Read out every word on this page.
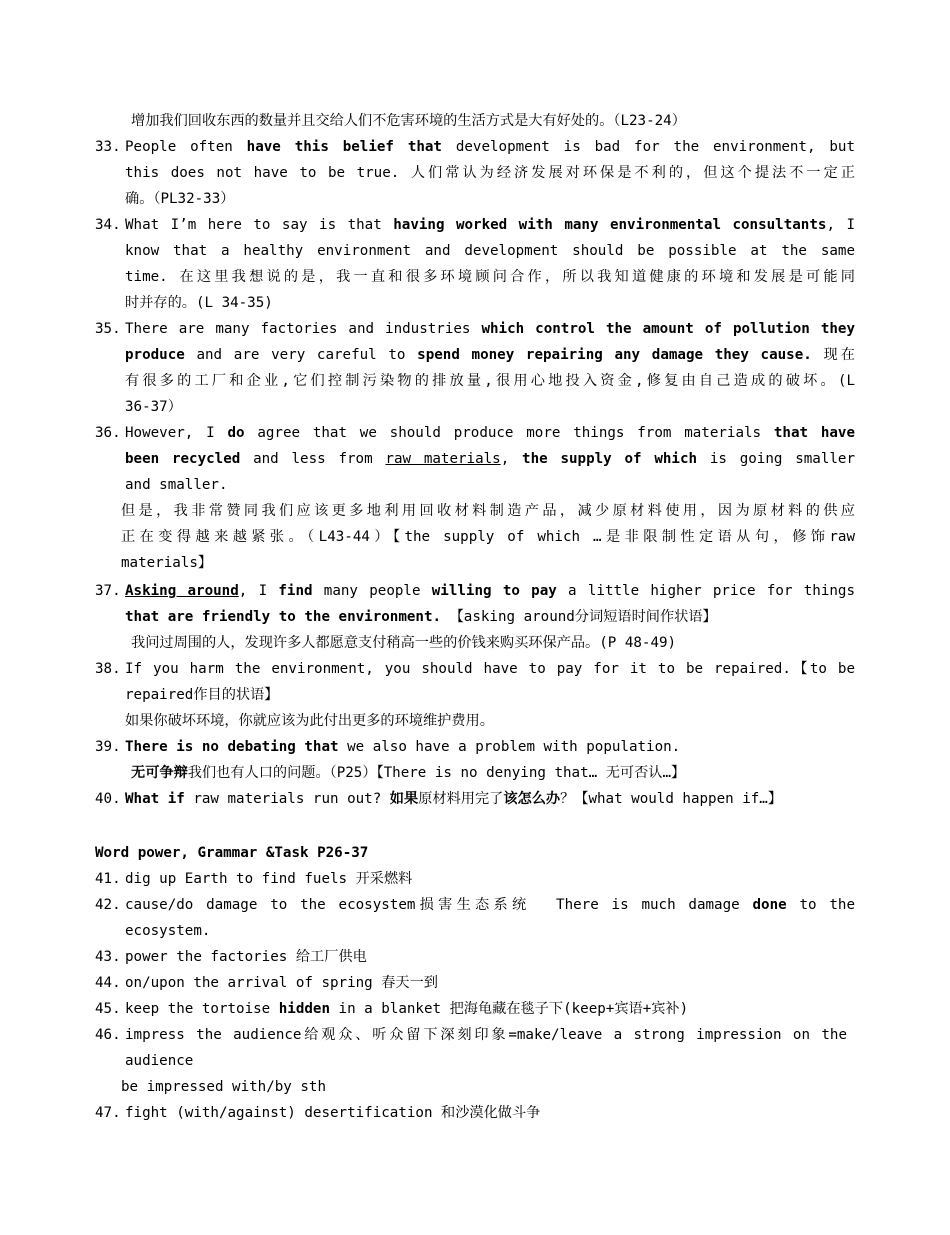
增加我们回收东西的数量并且交给人们不危害环境的生活方式是大有好处的。（L23-24）

33.

People often have this belief that development is bad for the environment, but

this does not have to be true. 人们常认为经济发展对环保是不利的，但这个提法不一定正
确。（PL32-33）

34.

What I’m here to say is that having worked with many environmental consultants, I

know that a healthy environment and development should be possible at the same
time. 在这里我想说的是，我一直和很多环境顾问合作，所以我知道健康的环境和发展是可能同
时并存的。(L 34-35)

35.

There are many factories and industries which control the amount of pollution they

produce and are very careful to spend money repairing any damage they cause. 现在
有很多的工厂和企业,它们控制污染物的排放量,很用心地投入资金,修复由自己造成的破坏。(L
36-37）

36.

However, I do agree that we should produce more things from materials that have

been recycled and less from raw materials, the supply of which is going smaller
and smaller.
但是，我非常赞同我们应该更多地利用回收材料制造产品，减少原材料使用，因为原材料的供应
正在变得越来越紧张。（L43-44）【the supply of which …是非限制性定语从句，修饰raw
materials】

37.

Asking around, I find many people willing to pay a little higher price for things

that are friendly to the environment. 【asking around分词短语时间作状语】
我问过周围的人，发现许多人都愿意支付稍高一些的价钱来购买环保产品。(P 48-49)

38.

If you harm the environment, you should have to pay for it to be repaired.【to be

repaired作目的状语】
如果你破坏环境，你就应该为此付出更多的环境维护费用。

39.

There is no debating that we also have a problem with population.

无可争辩我们也有人口的问题。（P25）【There is no denying that… 无可否认…】

40.

What if raw materials run out? 如果原材料用完了该怎么办？【what would happen if…】

Word power, Grammar &Task P26-37

41.

dig up Earth to find fuels 开采燃料

42.

cause/do damage to the ecosystem损害生态系统  There is much damage done to the

ecosystem.

43.

power the factories 给工厂供电

44.

on/upon the arrival of spring 春天一到

45.

keep the tortoise hidden in a blanket 把海龟藏在毯子下(keep+宾语+宾补)

46.

impress the audience给观众、听众留下深刻印象=make/leave a strong impression on the

audience
be impressed with/by sth

47.

fight (with/against) desertification 和沙漠化做斗争
